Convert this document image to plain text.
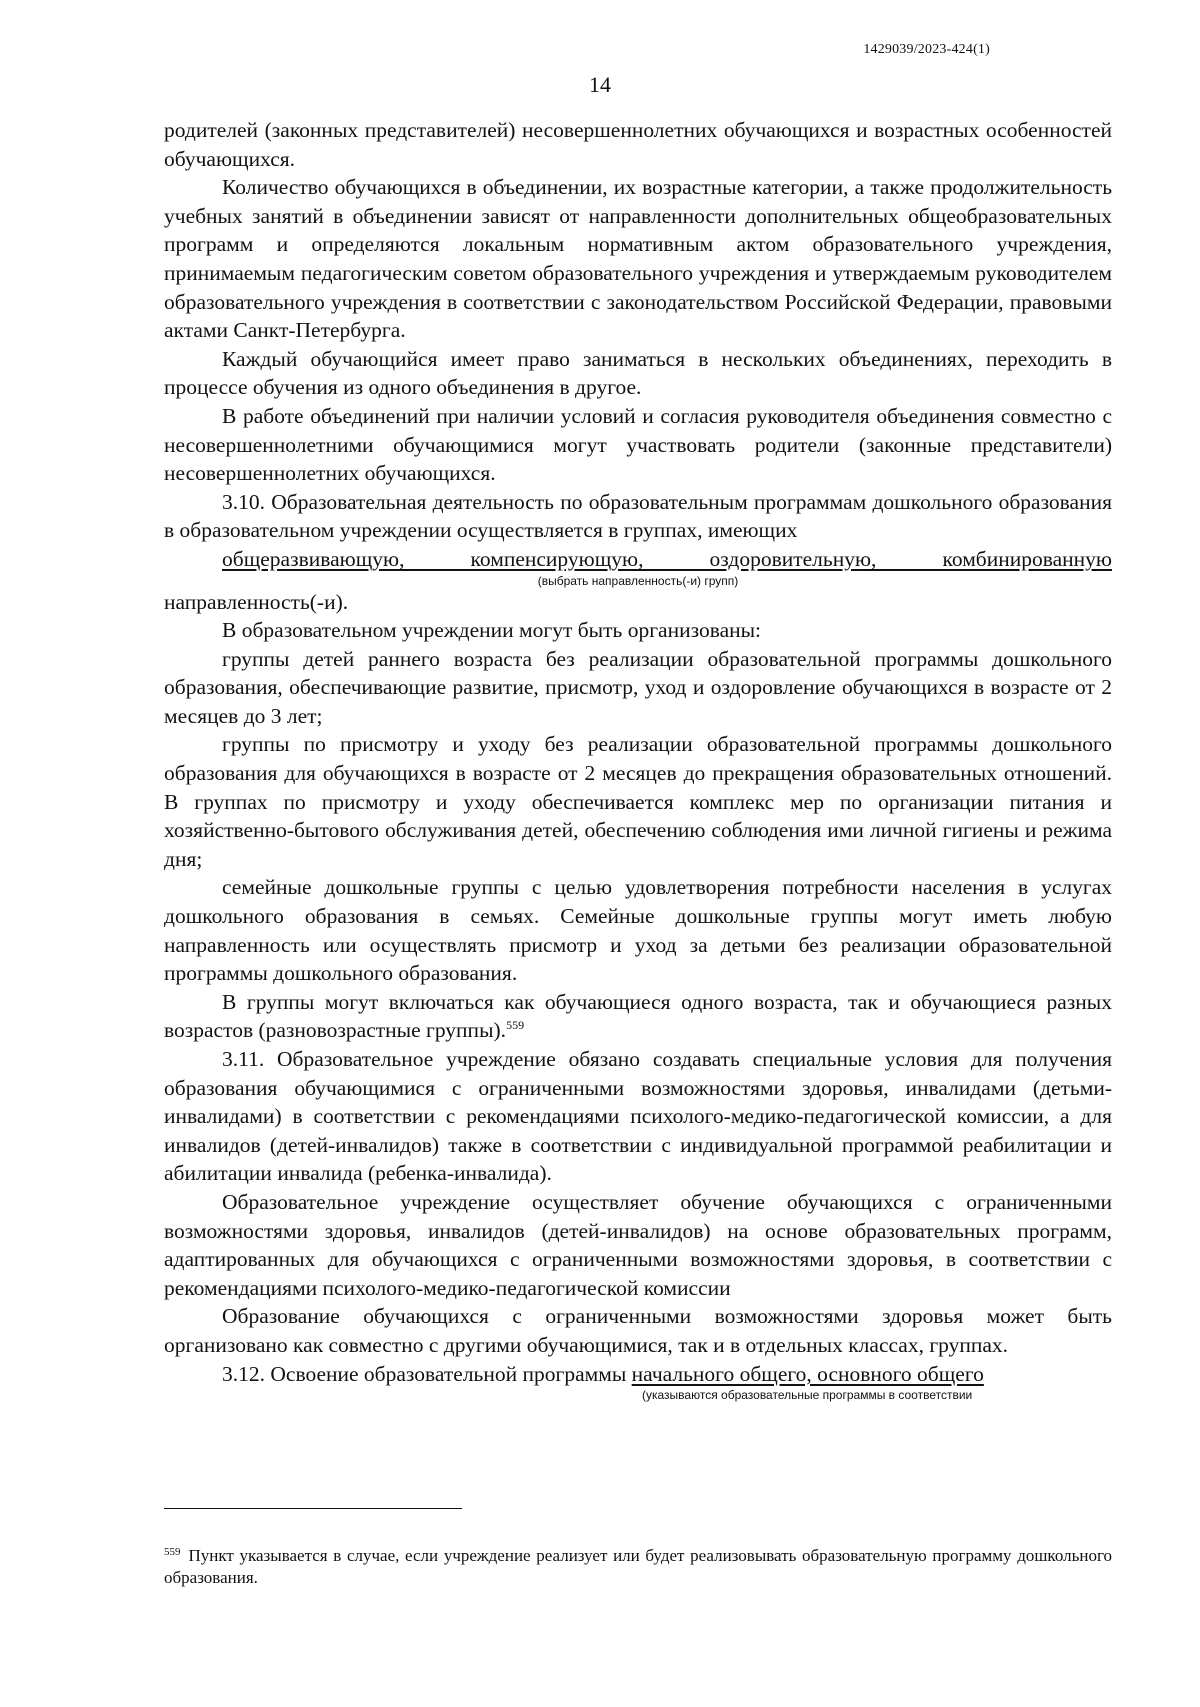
1429039/2023-424(1)
14

родителей (законных представителей) несовершеннолетних обучающихся и возрастных особенностей обучающихся.

Количество обучающихся в объединении, их возрастные категории, а также продолжительность учебных занятий в объединении зависят от направленности дополнительных общеобразовательных программ и определяются локальным нормативным актом образовательного учреждения, принимаемым педагогическим советом образовательного учреждения и утверждаемым руководителем образовательного учреждения в соответствии с законодательством Российской Федерации, правовыми актами Санкт-Петербурга.

Каждый обучающийся имеет право заниматься в нескольких объединениях, переходить в процессе обучения из одного объединения в другое.

В работе объединений при наличии условий и согласия руководителя объединения совместно с несовершеннолетними обучающимися могут участвовать родители (законные представители) несовершеннолетних обучающихся.

3.10. Образовательная деятельность по образовательным программам дошкольного образования в образовательном учреждении осуществляется в группах, имеющих
общеразвивающую, компенсирующую, оздоровительную, комбинированную

(выбрать направленность(-и) групп)

направленность(-и).

В образовательном учреждении могут быть организованы:

группы детей раннего возраста без реализации образовательной программы дошкольного образования, обеспечивающие развитие, присмотр, уход и оздоровление обучающихся в возрасте от 2 месяцев до 3 лет;

группы по присмотру и уходу без реализации образовательной программы дошкольного образования для обучающихся в возрасте от 2 месяцев до прекращения образовательных отношений. В группах по присмотру и уходу обеспечивается комплекс мер по организации питания и хозяйственно-бытового обслуживания детей, обеспечению соблюдения ими личной гигиены и режима дня;

семейные дошкольные группы с целью удовлетворения потребности населения в услугах дошкольного образования в семьях. Семейные дошкольные группы могут иметь любую направленность или осуществлять присмотр и уход за детьми без реализации образовательной программы дошкольного образования.

В группы могут включаться как обучающиеся одного возраста, так и обучающиеся разных возрастов (разновозрастные группы).$^{559}$

3.11. Образовательное учреждение обязано создавать специальные условия для получения образования обучающимися с ограниченными возможностями здоровья, инвалидами (детьми-инвалидами) в соответствии с рекомендациями психолого-медико-педагогической комиссии, а для инвалидов (детей-инвалидов) также в соответствии с индивидуальной программой реабилитации и абилитации инвалида (ребенка-инвалида).

Образовательное учреждение осуществляет обучение обучающихся с ограниченными возможностями здоровья, инвалидов (детей-инвалидов) на основе образовательных программ, адаптированных для обучающихся с ограниченными возможностями здоровья, в соответствии с рекомендациями психолого-медико-педагогической комиссии

Образование обучающихся с ограниченными возможностями здоровья может быть организовано как совместно с другими обучающимися, так и в отдельных классах, группах.

3.12. Освоение образовательной программы начального общего, основного общего

(указываются образовательные программы в соответствии

$^{559}$ Пункт указывается в случае, если учреждение реализует или будет реализовывать образовательную программу дошкольного образования.
